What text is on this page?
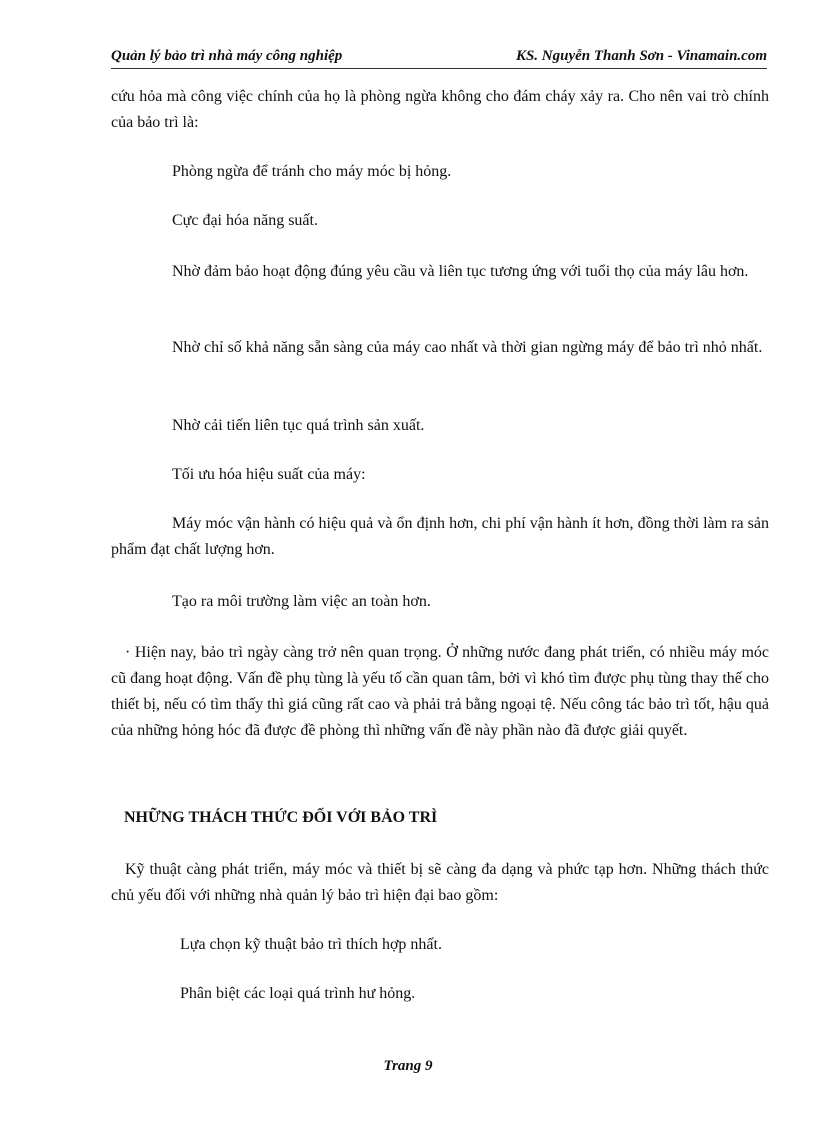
Quản lý bảo trì nhà máy công nghiệp	KS. Nguyễn Thanh Sơn - Vinamain.com

cứu hỏa mà công việc chính của họ là phòng ngừa không cho đám cháy xảy ra. Cho nên vai trò chính của bảo trì là:

Phòng ngừa để tránh cho máy móc bị hỏng.

Cực đại hóa năng suất.

Nhờ đảm bảo hoạt động đúng yêu cầu và liên tục tương ứng với tuổi thọ của máy lâu hơn.

Nhờ chỉ số khả năng sẵn sàng của máy cao nhất và thời gian ngừng máy để bảo trì nhỏ nhất.

Nhờ cải tiến liên tục quá trình sản xuất.

Tối ưu hóa hiệu suất của máy:

Máy móc vận hành có hiệu quả và ổn định hơn, chi phí vận hành ít hơn, đồng thời làm ra sản phẩm đạt chất lượng hơn.

Tạo ra môi trường làm việc an toàn hơn.

· Hiện nay, bảo trì ngày càng trở nên quan trọng. Ở những nước đang phát triển, có nhiều máy móc cũ đang hoạt động. Vấn đề phụ tùng là yếu tố cần quan tâm, bởi vì khó tìm được phụ tùng thay thế cho thiết bị, nếu có tìm thấy thì giá cũng rất cao và phải trả bằng ngoại tệ. Nếu công tác bảo trì tốt, hậu quả của những hỏng hóc đã được đề phòng thì những vấn đề này phần nào đã được giải quyết.

NHỮNG THÁCH THỨC ĐỐI VỚI BẢO TRÌ

Kỹ thuật càng phát triển, máy móc và thiết bị sẽ càng đa dạng và phức tạp hơn. Những thách thức chủ yếu đối với những nhà quản lý bảo trì hiện đại bao gồm:

Lựa chọn kỹ thuật bảo trì thích hợp nhất.

Phân biệt các loại quá trình hư hỏng.

Trang 9
